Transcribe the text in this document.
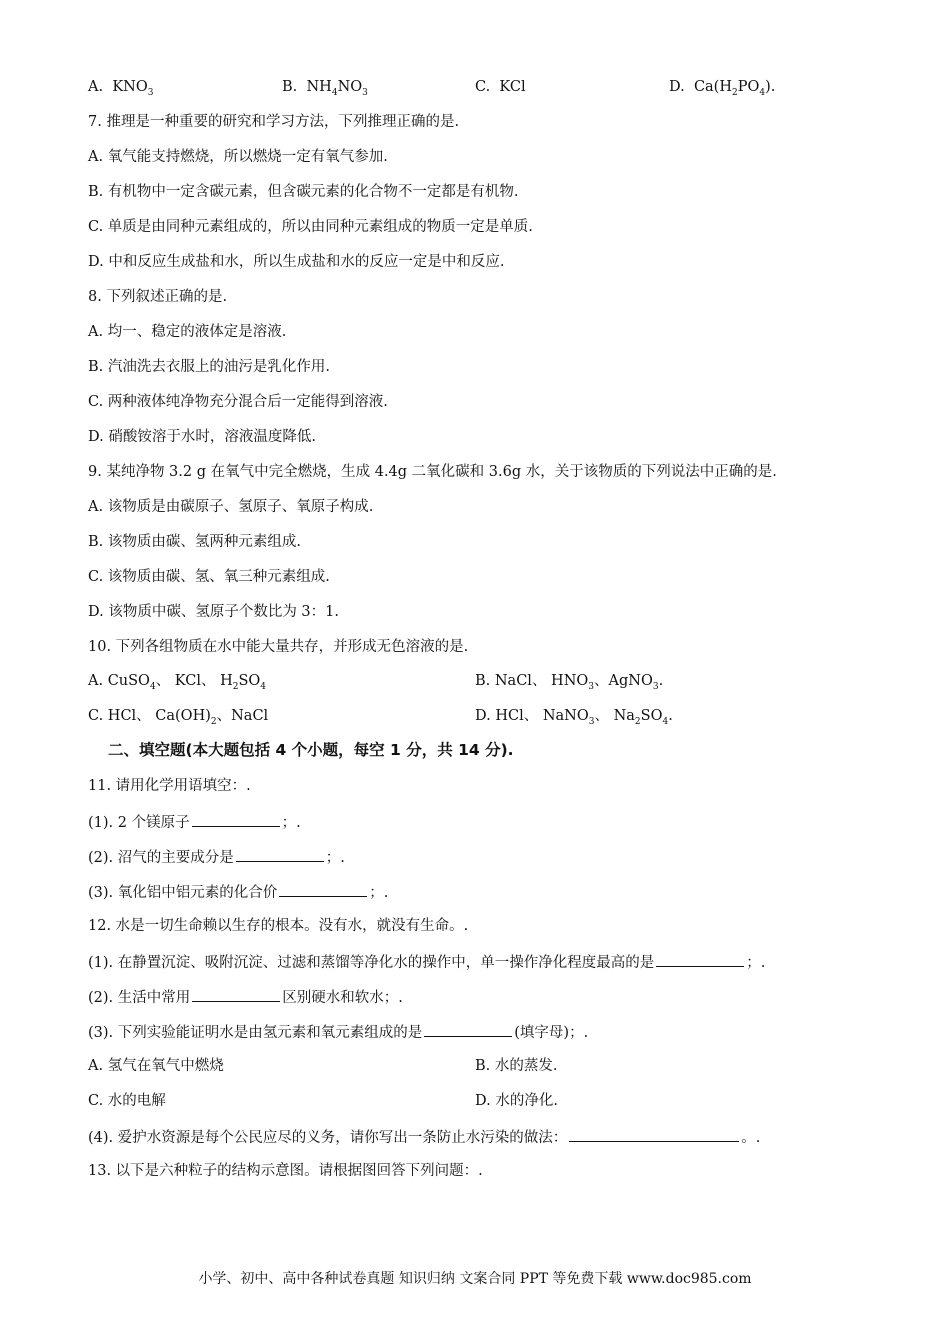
A. $KNO_3$	B. $NH_4NO_3$	C. KCl	D. $Ca(H_2PO_4)$.
7. 推理是一种重要的研究和学习方法，下列推理正确的是.
A. 氧气能支持燃烧，所以燃烧一定有氧气参加.
B. 有机物中一定含碳元素，但含碳元素的化合物不一定都是有机物.
C. 单质是由同种元素组成的，所以由同种元素组成的物质一定是单质.
D. 中和反应生成盐和水，所以生成盐和水的反应一定是中和反应.
8. 下列叙述正确的是.
A. 均一、稳定的液体定是溶液.
B. 汽油洗去衣服上的油污是乳化作用.
C. 两种液体纯净物充分混合后一定能得到溶液.
D. 硝酸铵溶于水时，溶液温度降低.
9. 某纯净物 3.2 g 在氧气中完全燃烧，生成 4.4g 二氧化碳和 3.6g 水，关于该物质的下列说法中正确的是.
A. 该物质是由碳原子、氢原子、氧原子构成.
B. 该物质由碳、氢两种元素组成.
C. 该物质由碳、氢、氧三种元素组成.
D. 该物质中碳、氢原子个数比为 3：1.
10. 下列各组物质在水中能大量共存，并形成无色溶液的是.
A. CuSO$_4$、 KCl、 $H_2SO_4$	B. NaCl、 $HNO_3$、AgNO$_3$.
C. HCl、 $Ca(OH)_2$、NaCl	D. HCl、 NaNO$_3$、 $Na_2SO_4$.
二、填空题(本大题包括 4 个小题，每空 1 分，共 14 分).
11. 请用化学用语填空：.
(1). 2 个镁原子	；.
(2). 沼气的主要成分是	；.
(3). 氧化铝中铝元素的化合价	；.
12. 水是一切生命赖以生存的根本。没有水，就没有生命。.
(1). 在静置沉淀、吸附沉淀、过滤和蒸馏等净化水的操作中，单一操作净化程度最高的是	；.
(2). 生活中常用	区别硬水和软水；.
(3). 下列实验能证明水是由氢元素和氧元素组成的是	(填字母)；.
A. 氢气在氧气中燃烧	B. 水的蒸发.
C. 水的电解	D. 水的净化.
(4). 爱护水资源是每个公民应尽的义务，请你写出一条防止水污染的做法：	。.
13. 以下是六种粒子的结构示意图。请根据图回答下列问题：.
小学、初中、高中各种试卷真题 知识归纳 文案合同 PPT 等免费下载 www.doc985.com
